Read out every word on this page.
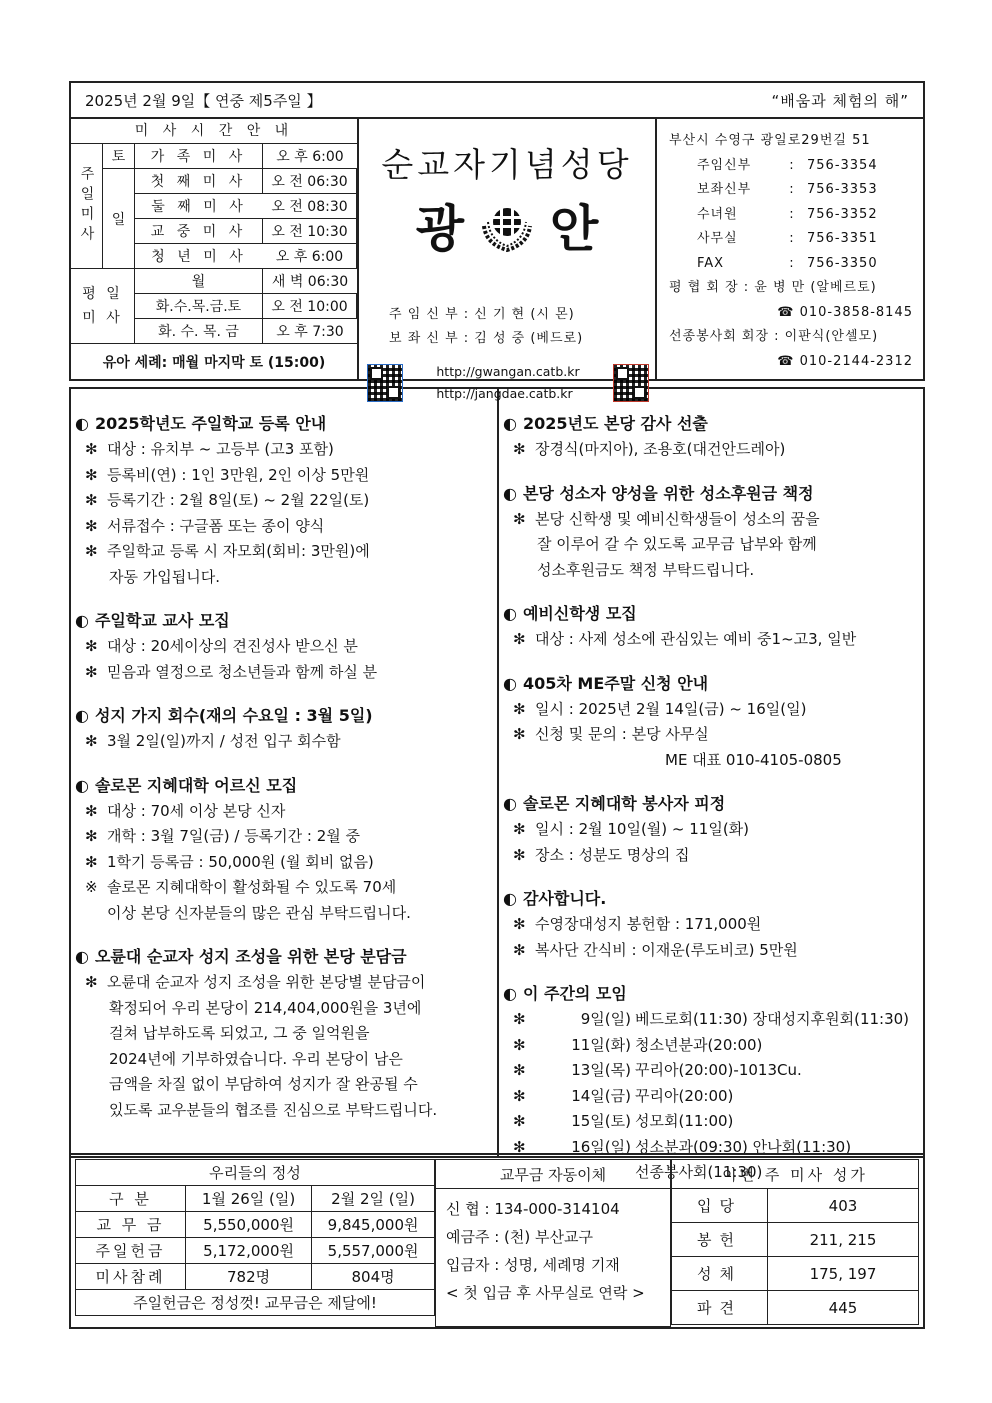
2025년 2월 9일【 연중 제5주일 】	“배움과 체험의 해”
미 사 시 간 안 내
주일미사
토	가 족 미 사	오 후 6:00
일
첫 째 미 사	오 전 06:30
둘 째 미 사	오 전 08:30
교 중 미 사	오 전 10:30
청 년 미 사	오 후 6:00
평 일 미 사
월	새 벽 06:30
화.수.목.금.토	오 전 10:00
화. 수. 목. 금	오 후 7:30
유아 세례: 매월 마지막 토 (15:00)
순교자기념성당
광 안
주 임 신 부 : 신 기 현 (시 몬)
보 좌 신 부 : 김 성 중 (베드로)
http://gwangan.catb.kr
http://jangdae.catb.kr
부산시 수영구 광일로29번길 51
주임신부	: 756-3354
보좌신부	: 756-3353
수녀원	: 756-3352
사무실	: 756-3351
FAX	: 756-3350
평 협 회 장 : 윤 병 만 (알베르토)
☎ 010-3858-8145
선종봉사회 회장 : 이판식(안셀모)
☎ 010-2144-2312
◐ 2025학년도 주일학교 등록 안내
✻ 대상 : 유치부 ~ 고등부 (고3 포함)
✻ 등록비(연) : 1인 3만원, 2인 이상 5만원
✻ 등록기간 : 2월 8일(토) ~ 2월 22일(토)
✻ 서류접수 : 구글폼 또는 종이 양식
✻ 주일학교 등록 시 자모회(회비: 3만원)에
자동 가입됩니다.
◐ 주일학교 교사 모집
✻ 대상 : 20세이상의 견진성사 받으신 분
✻ 믿음과 열정으로 청소년들과 함께 하실 분
◐ 성지 가지 회수(재의 수요일 : 3월 5일)
✻ 3월 2일(일)까지 / 성전 입구 회수함
◐ 솔로몬 지혜대학 어르신 모집
✻ 대상 : 70세 이상 본당 신자
✻ 개학 : 3월 7일(금) / 등록기간 : 2월 중
✻ 1학기 등록금 : 50,000원 (월 회비 없음)
※ 솔로몬 지혜대학이 활성화될 수 있도록 70세
이상 본당 신자분들의 많은 관심 부탁드립니다.
◐ 오륜대 순교자 성지 조성을 위한 본당 분담금
✻ 오륜대 순교자 성지 조성을 위한 본당별 분담금이
확정되어 우리 본당이 214,404,000원을 3년에
걸쳐 납부하도록 되었고, 그 중 일억원을
2024년에 기부하였습니다. 우리 본당이 남은
금액을 차질 없이 부담하여 성지가 잘 완공될 수
있도록 교우분들의 협조를 진심으로 부탁드립니다.
◐ 2025년도 본당 감사 선출
✻ 장경식(마지아), 조용호(대건안드레아)
◐ 본당 성소자 양성을 위한 성소후원금 책정
✻ 본당 신학생 및 예비신학생들이 성소의 꿈을
잘 이루어 갈 수 있도록 교무금 납부와 함께
성소후원금도 책정 부탁드립니다.
◐ 예비신학생 모집
✻ 대상 : 사제 성소에 관심있는 예비 중1~고3, 일반
◐ 405차 ME주말 신청 안내
✻ 일시 : 2025년 2월 14일(금) ~ 16일(일)
✻ 신청 및 문의 : 본당 사무실
ME 대표 010-4105-0805
◐ 솔로몬 지혜대학 봉사자 피정
✻ 일시 : 2월 10일(월) ~ 11일(화)
✻ 장소 : 성분도 명상의 집
◐ 감사합니다.
✻ 수영장대성지 봉헌함 : 171,000원
✻ 복사단 간식비 : 이재운(루도비코) 5만원
◐ 이 주간의 모임
✻	9일(일) 베드로회(11:30) 장대성지후원회(11:30)
✻	11일(화) 청소년분과(20:00)
✻	13일(목) 꾸리아(20:00)-1013Cu.
✻	14일(금) 꾸리아(20:00)
✻	15일(토) 성모회(11:00)
✻	16일(일) 성소분과(09:30) 안나회(11:30)
선종봉사회(11:30)
우리들의 정성		
구 분	1월 26일 (일)	2월 2일 (일)
교 무 금	5,550,000원	9,845,000원
주일헌금	5,172,000원	5,557,000원
미사참례	782명	804명
주일헌금은 정성껏! 교무금은 제달에!		
교무금 자동이체

신 협 : 134-000-314104
예금주 : (천) 부산교구
입금자 : 성명, 세례명 기재
< 첫 입금 후 사무실로 연락 >
이번 주 미사 성가	
입당	403
봉헌	211, 215
성체	175, 197
파견	445
